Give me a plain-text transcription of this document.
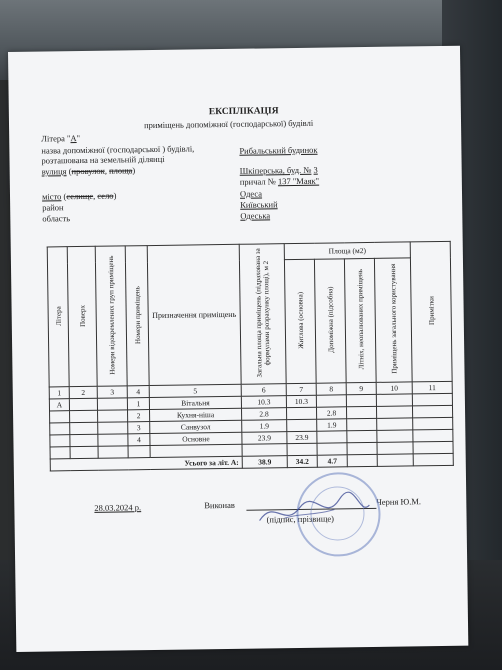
ЕКСПЛІКАЦІЯ
приміщень допоміжної (господарської) будівлі
Літера "А"
назва допоміжної (господарської ) будівлі,
розташована на земельній ділянці
Рибальський будинок
вулиця (провулок, площа)	Шкіперська, буд. № 3
причал № 137 "Маяк"
місто (селище, село)	Одеса
район	Київський
область	Одеська
Літера	Поверх	Номери відокремлених груп приміщень	Номери приміщень	Призначення приміщень	Загальна площа приміщень (підрахована за формулами розрахунку площі), м 2	Площа (м2)				Примітки
						Житлова (основна)	Допоміжна (підсобна)	Літніх, неопалюваних приміщень	Приміщень загального користування	
1	2	3	4	5	6	7	8	9	10	11
А			1	Вітальня	10.3	10.3				
			2	Кухня-ніша	2.8		2.8			
			3	Санвузол	1.9		1.9			
			4	Основне	23.9	23.9				

Усього за літ. А:					38.9	34.2	4.7			
28.03.2024 р.	Виконав	Черня Ю.М.
(підпис, прізвище)
